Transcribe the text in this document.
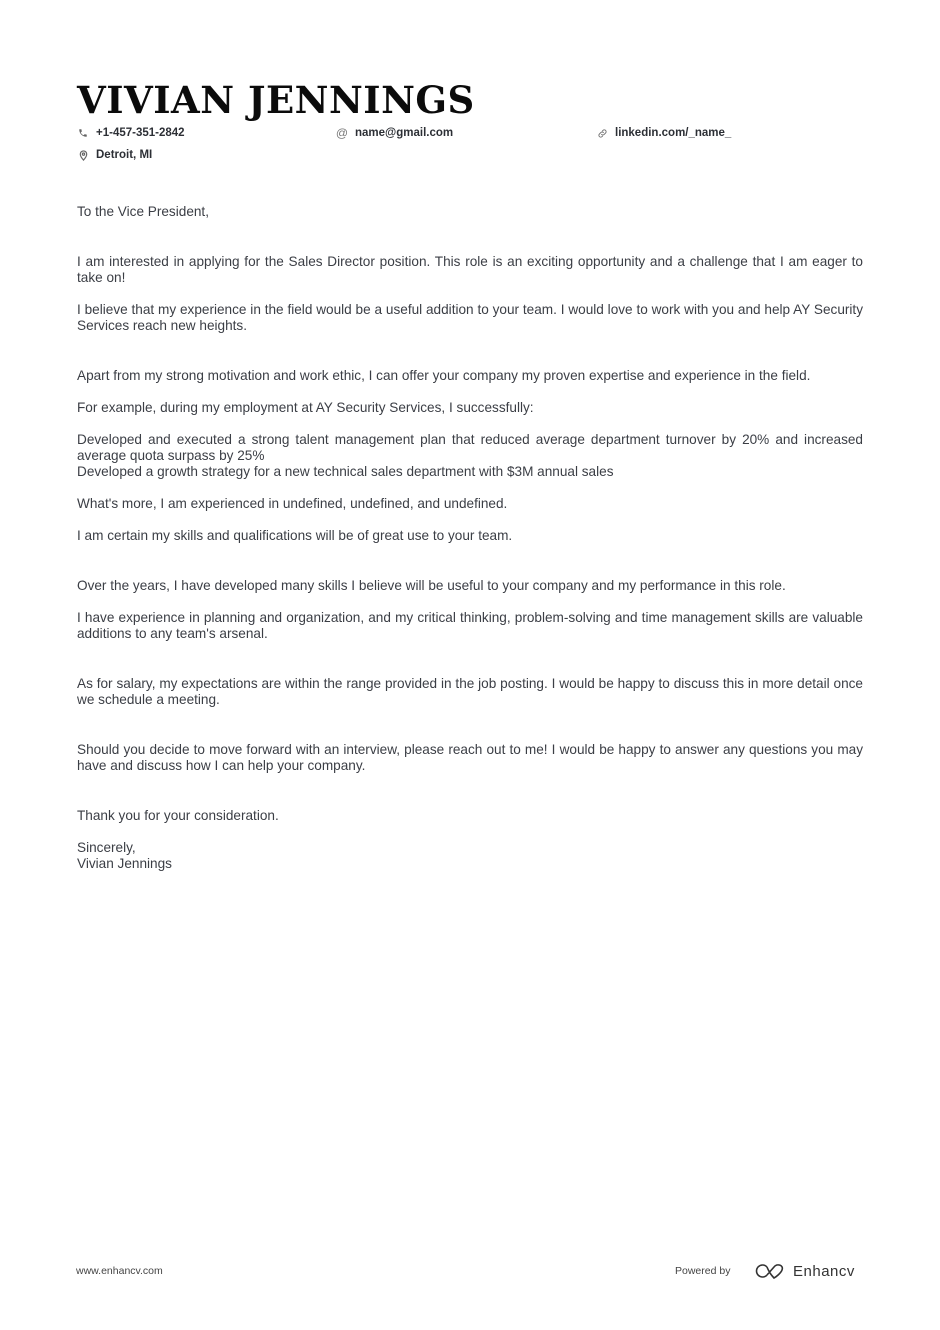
VIVIAN JENNINGS
+1-457-351-2842	@ name@gmail.com	linkedin.com/_name_
Detroit, MI

To the Vice President,

I am interested in applying for the Sales Director position. This role is an exciting opportunity and a challenge that I am eager to take on!

I believe that my experience in the field would be a useful addition to your team. I would love to work with you and help AY Security Services reach new heights.

Apart from my strong motivation and work ethic, I can offer your company my proven expertise and experience in the field.

For example, during my employment at AY Security Services, I successfully:

Developed and executed a strong talent management plan that reduced average department turnover by 20% and increased average quota surpass by 25%

Developed a growth strategy for a new technical sales department with $3M annual sales

What's more, I am experienced in undefined, undefined, and undefined.

I am certain my skills and qualifications will be of great use to your team.

Over the years, I have developed many skills I believe will be useful to your company and my performance in this role.

I have experience in planning and organization, and my critical thinking, problem-solving and time management skills are valuable additions to any team's arsenal.

As for salary, my expectations are within the range provided in the job posting. I would be happy to discuss this in more detail once we schedule a meeting.

Should you decide to move forward with an interview, please reach out to me! I would be happy to answer any questions you may have and discuss how I can help your company.

Thank you for your consideration.

Sincerely,

Vivian Jennings

www.enhancv.com	Powered by	Enhancv
